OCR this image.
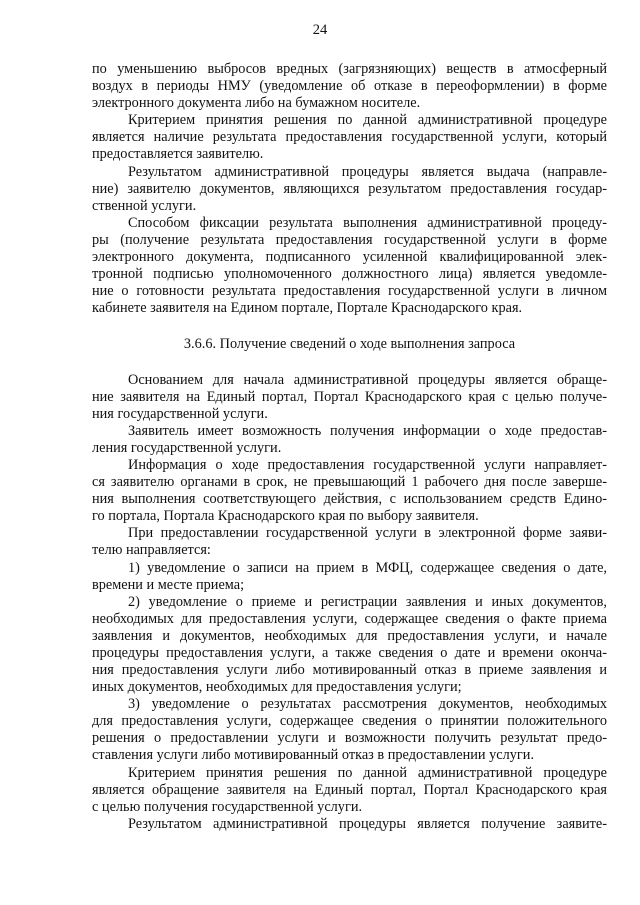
24
по уменьшению выбросов вредных (загрязняющих) веществ в атмосферный
воздух в периоды НМУ (уведомление об отказе в переоформлении) в форме
электронного документа либо на бумажном носителе.
Критерием принятия решения по данной административной процедуре
является наличие результата предоставления государственной услуги, который
предоставляется заявителю.
Результатом административной процедуры является выдача (направле-
ние) заявителю документов, являющихся результатом предоставления государ-
ственной услуги.
Способом фиксации результата выполнения административной процеду-
ры (получение результата предоставления государственной услуги в форме
электронного документа, подписанного усиленной квалифицированной элек-
тронной подписью уполномоченного должностного лица) является уведомле-
ние о готовности результата предоставления государственной услуги в личном
кабинете заявителя на Едином портале, Портале Краснодарского края.
3.6.6. Получение сведений о ходе выполнения запроса
Основанием для начала административной процедуры является обраще-
ние заявителя на Единый портал, Портал Краснодарского края с целью получе-
ния государственной услуги.
Заявитель имеет возможность получения информации о ходе предостав-
ления государственной услуги.
Информация о ходе предоставления государственной услуги направляет-
ся заявителю органами в срок, не превышающий 1 рабочего дня после заверше-
ния выполнения соответствующего действия, с использованием средств Едино-
го портала, Портала Краснодарского края по выбору заявителя.
При предоставлении государственной услуги в электронной форме заяви-
телю направляется:
1) уведомление о записи на прием в МФЦ, содержащее сведения о дате,
времени и месте приема;
2) уведомление о приеме и регистрации заявления и иных документов,
необходимых для предоставления услуги, содержащее сведения о факте приема
заявления и документов, необходимых для предоставления услуги, и начале
процедуры предоставления услуги, а также сведения о дате и времени оконча-
ния предоставления услуги либо мотивированный отказ в приеме заявления и
иных документов, необходимых для предоставления услуги;
3) уведомление о результатах рассмотрения документов, необходимых
для предоставления услуги, содержащее сведения о принятии положительного
решения о предоставлении услуги и возможности получить результат предо-
ставления услуги либо мотивированный отказ в предоставлении услуги.
Критерием принятия решения по данной административной процедуре
является обращение заявителя на Единый портал, Портал Краснодарского края
с целью получения государственной услуги.
Результатом административной процедуры является получение заявите-
